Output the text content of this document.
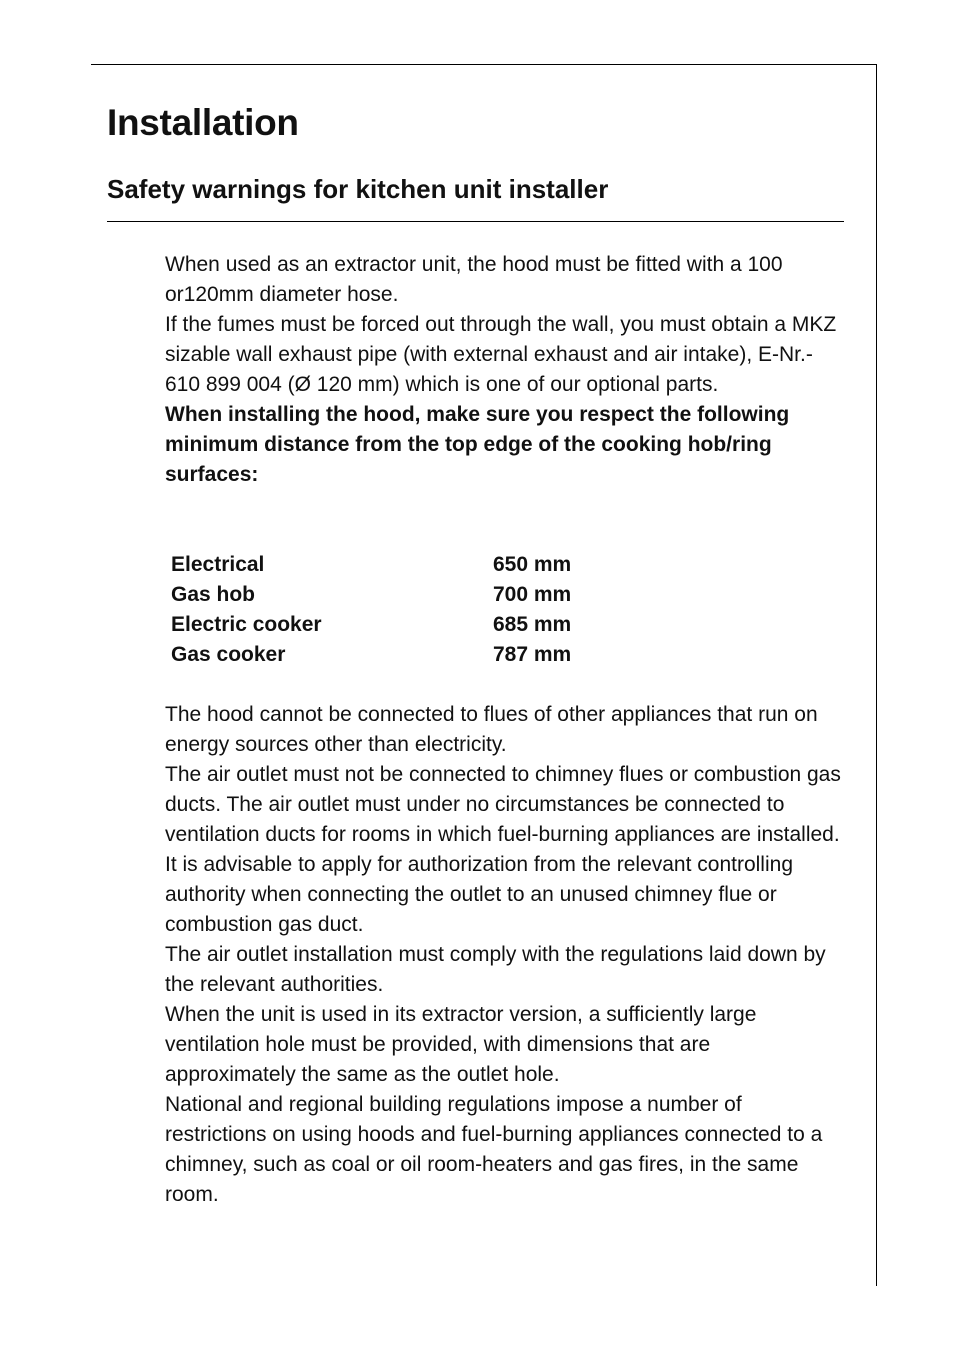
Installation
Safety warnings for kitchen unit installer

When used as an extractor unit, the hood must be fitted with a 100 or120mm diameter hose.

If the fumes must be forced out through the wall, you must obtain a MKZ sizable wall exhaust pipe (with external exhaust and air intake), E-Nr.- 610 899 004 (Ø 120 mm) which is one of our optional parts.

When installing the hood, make sure you respect the following minimum distance from the top edge of the cooking hob/ring surfaces:

Electrical	650 mm
Gas hob	700 mm
Electric cooker	685 mm
Gas cooker	787 mm

The hood cannot be connected to flues of other appliances that run on energy sources other than electricity.

The air outlet must not be connected to chimney flues or combustion gas ducts. The air outlet must under no circumstances be connected to ventilation ducts for rooms in which fuel-burning appliances are installed.

It is advisable to apply for authorization from the relevant controlling authority when connecting the outlet to an unused chimney flue or combustion gas duct.

The air outlet installation must comply with the regulations laid down by the relevant authorities.

When the unit is used in its extractor version, a sufficiently large ventilation hole must be provided, with dimensions that are approximately the same as the outlet hole.

National and regional building regulations impose a number of restrictions on using hoods and fuel-burning appliances connected to a chimney, such as coal or oil room-heaters and gas fires, in the same room.
